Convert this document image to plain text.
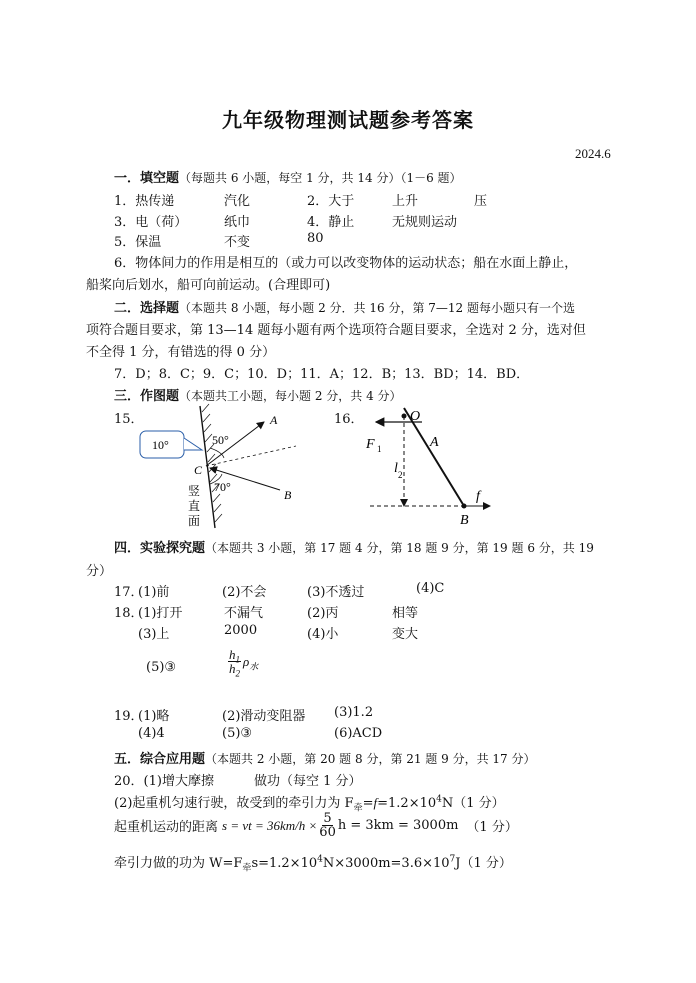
九年级物理测试题参考答案
2024.6
一．填空题（每题共 6 小题，每空 1 分，共 14 分）（1－6 题）
1．热传递	汽化	2．大于	上升	压
3．电（荷）	纸巾	4．静止	无规则运动
5．保温	不变	80
6．物体间力的作用是相互的（或力可以改变物体的运动状态；船在水面上静止，
船桨向后划水，船可向前运动。(合理即可)
二．选择题（本题共 8 小题，每小题 2 分．共 16 分，第 7—12 题每小题只有一个选
项符合题目要求，第 13—14 题每小题有两个选项符合题目要求，全选对 2 分，选对但
不全得 1 分，有错选的得 0 分）
7．D；8．C；9．C；10．D；11．A；12．B；13．BD；14．BD．
三．作图题（本题共工小题，每小题 2 分，共 4 分）
15．	16．
10°	50°
70°
A
B
C
竖
直
面
O
A
B
F 1
l 2
f
四．实验探究题（本题共 3 小题，第 17 题 4 分，第 18 题 9 分，第 19 题 6 分，共 19
分）
17．
(1)前	(2)不会	(3)不透过	(4)C
18．
(1)打开	不漏气	(2)丙	相等
(3)上	2000	(4)小	变大
(5)③	$\frac{h_1}{h_2} \rho_水$
19．
(1)略	(2)滑动变阻器 (3)1.2
(4)4	(5)③	(6)ACD
五．综合应用题（本题共 2 小题，第 20 题 8 分，第 21 题 9 分，共 17 分）
20．(1)增大摩擦	做功（每空 1 分）
(2)起重机匀速行驶，故受到的牵引力为 $F_牵=f=1.2\times 10^4N(1$ 分）
起重机运动的距离 s = vt = $36km/h \times \frac{5}{60}$ h = 3km = 3000m （1 分）
牵引力做的功为 $W=F_牵s=1.2\times 10^4N\times 3000m=3.6\times 10^7J(1$ 分）
